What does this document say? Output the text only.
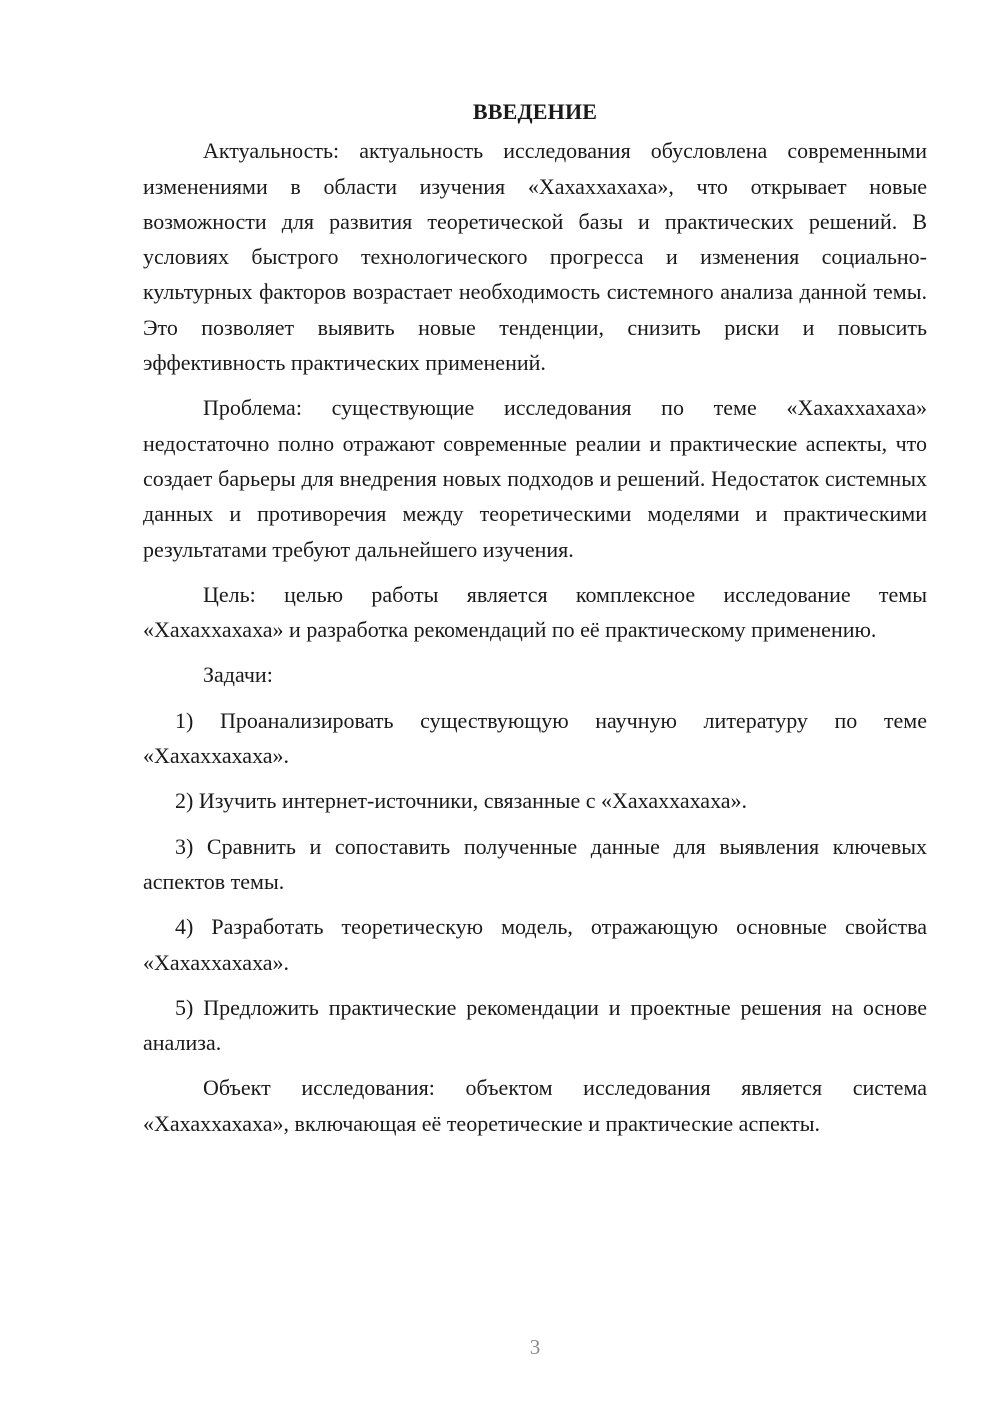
ВВЕДЕНИЕ

Актуальность: актуальность исследования обусловлена современными изменениями в области изучения «Хахаххахаха», что открывает новые возможности для развития теоретической базы и практических решений. В условиях быстрого технологического прогресса и изменения социально-культурных факторов возрастает необходимость системного анализа данной темы. Это позволяет выявить новые тенденции, снизить риски и повысить эффективность практических применений.

Проблема: существующие исследования по теме «Хахаххахаха» недостаточно полно отражают современные реалии и практические аспекты, что создает барьеры для внедрения новых подходов и решений. Недостаток системных данных и противоречия между теоретическими моделями и практическими результатами требуют дальнейшего изучения.

Цель: целью работы является комплексное исследование темы «Хахаххахаха» и разработка рекомендаций по её практическому применению.

Задачи:

1) Проанализировать существующую научную литературу по теме «Хахаххахаха».

2) Изучить интернет-источники, связанные с «Хахаххахаха».

3) Сравнить и сопоставить полученные данные для выявления ключевых аспектов темы.

4) Разработать теоретическую модель, отражающую основные свойства «Хахаххахаха».

5) Предложить практические рекомендации и проектные решения на основе анализа.

Объект исследования: объектом исследования является система «Хахаххахаха», включающая её теоретические и практические аспекты.

3
